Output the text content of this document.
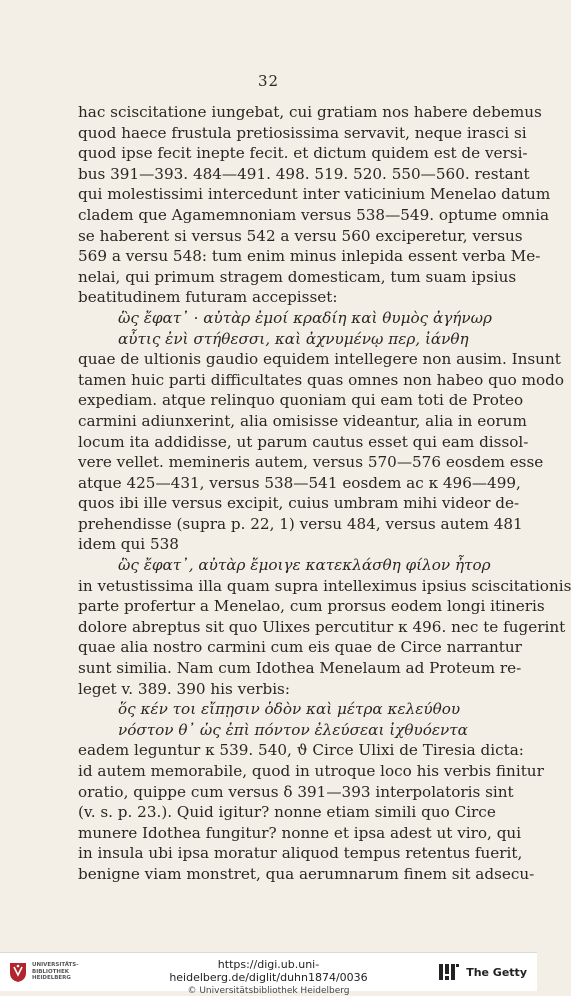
32
hac sciscitatione iungebat, cui gratiam nos habere debemus
quod haece frustula pretiosissima servavit, neque irasci si
quod ipse fecit inepte fecit. et dictum quidem est de versi-
bus 391—393. 484—491. 498. 519. 520. 550—560. restant
qui molestissimi intercedunt inter vaticinium Menelao datum
cladem que Agamemnoniam versus 538—549. optume omnia
se haberent si versus 542 a versu 560 exciperetur, versus
569 a versu 548: tum enim minus inlepida essent verba Me-
nelai, qui primum stragem domesticam, tum suam ipsius
beatitudinem futuram accepisset:
ὣς ἔφατ᾽ · αὐτὰρ ἐμοί κραδίη καὶ θυμὸς ἀγήνωρ
αὖτις ἐνὶ στήθεσσι, καὶ ἀχνυμένῳ περ, ἰάνθη
quae de ultionis gaudio equidem intellegere non ausim. Insunt
tamen huic parti difficultates quas omnes non habeo quo modo
expediam. atque relinquo quoniam qui eam toti de Proteo
carmini adiunxerint, alia omisisse videantur, alia in eorum
locum ita addidisse, ut parum cautus esset qui eam dissol-
vere vellet. memineris autem, versus 570—576 eosdem esse
atque 425—431, versus 538—541 eosdem ac κ 496—499,
quos ibi ille versus excipit, cuius umbram mihi videor de-
prehendisse (supra p. 22, 1) versu 484, versus autem 481
idem qui 538
ὣς ἔφατ᾽, αὐτὰρ ἔμοιγε κατεκλάσθη φίλον ἦτορ
in vetustissima illa quam supra intelleximus ipsius sciscitationis
parte profertur a Menelao, cum prorsus eodem longi itineris
dolore abreptus sit quo Ulixes percutitur κ 496. nec te fugerint
quae alia nostro carmini cum eis quae de Circe narrantur
sunt similia. Nam cum Idothea Menelaum ad Proteum re-
leget v. 389. 390 his verbis:
ὅς κέν τοι εἴπῃσιν ὁδὸν καὶ μέτρα κελεύθου
νόστον θ᾽ ὡς ἐπὶ πόντον ἐλεύσεαι ἰχθυόεντα
eadem leguntur κ 539. 540, ϑ Circe Ulixi de Tiresia dicta:
id autem memorabile, quod in utroque loco his verbis finitur
oratio, quippe cum versus δ 391—393 interpolatoris sint
(v. s. p. 23.). Quid igitur? nonne etiam simili quo Circe
munere Idothea fungitur? nonne et ipsa adest ut viro, qui
in insula ubi ipsa moratur aliquod tempus retentus fuerit,
benigne viam monstret, qua aerumnarum finem sit adsecu-
UNIVERSITÄTS-
BIBLIOTHEK
HEIDELBERG
https://digi.ub.uni-heidelberg.de/diglit/duhn1874/0036
© Universitätsbibliothek Heidelberg
The Getty
